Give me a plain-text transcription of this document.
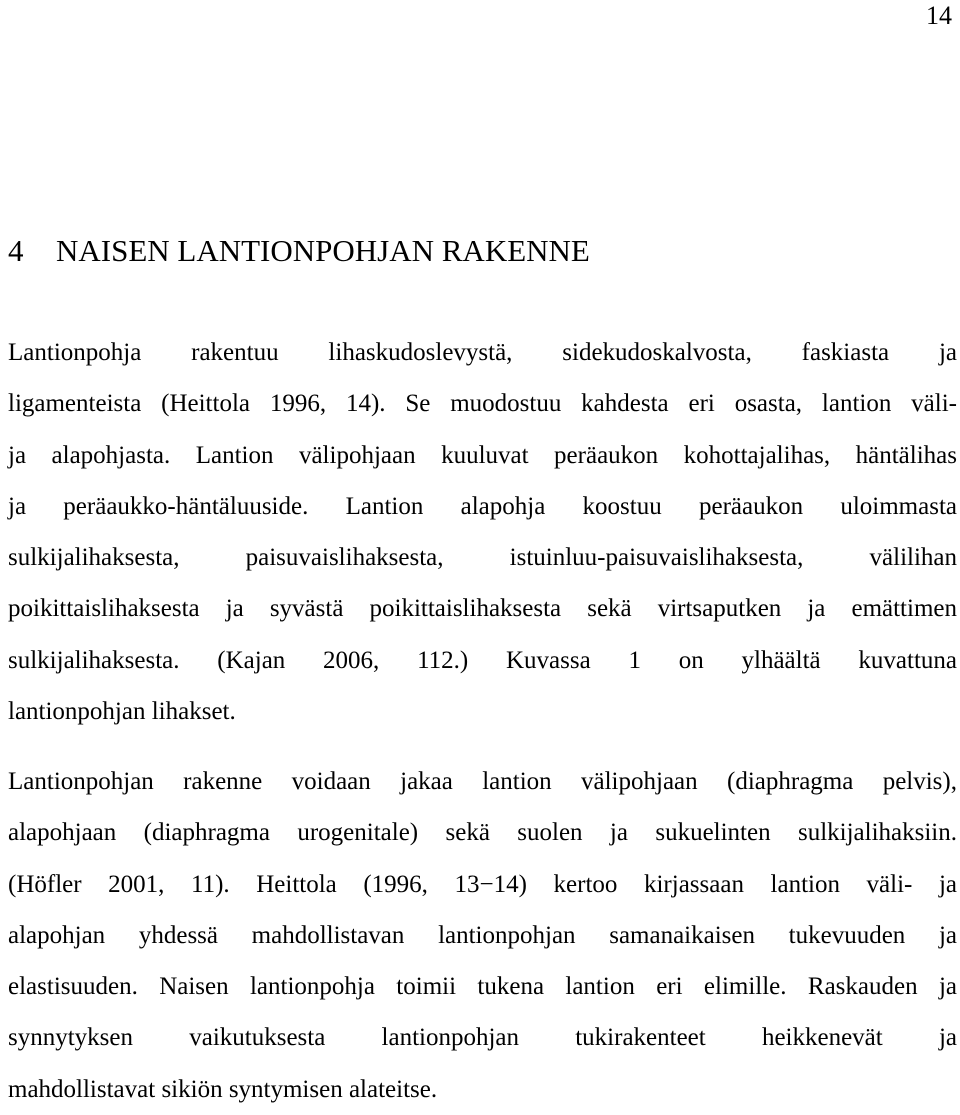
14
4 NAISEN LANTIONPOHJAN RAKENNE
Lantionpohja rakentuu lihaskudoslevystä, sidekudoskalvosta, faskiasta ja
ligamenteista (Heittola 1996, 14). Se muodostuu kahdesta eri osasta, lantion väli-
ja alapohjasta. Lantion välipohjaan kuuluvat peräaukon kohottajalihas, häntälihas
ja peräaukko-häntäluuside. Lantion alapohja koostuu peräaukon uloimmasta
sulkijalihaksesta, paisuvaislihaksesta, istuinluu-paisuvaislihaksesta, välilihan
poikittaislihaksesta ja syvästä poikittaislihaksesta sekä virtsaputken ja emättimen
sulkijalihaksesta. (Kajan 2006, 112.) Kuvassa 1 on ylhäältä kuvattuna
lantionpohjan lihakset.
Lantionpohjan rakenne voidaan jakaa lantion välipohjaan (diaphragma pelvis),
alapohjaan (diaphragma urogenitale) sekä suolen ja sukuelinten sulkijalihaksiin.
(Höfler 2001, 11). Heittola (1996, 13−14) kertoo kirjassaan lantion väli- ja
alapohjan yhdessä mahdollistavan lantionpohjan samanaikaisen tukevuuden ja
elastisuuden. Naisen lantionpohja toimii tukena lantion eri elimille. Raskauden ja
synnytyksen vaikutuksesta lantionpohjan tukirakenteet heikkenevät ja
mahdollistavat sikiön syntymisen alateitse.
